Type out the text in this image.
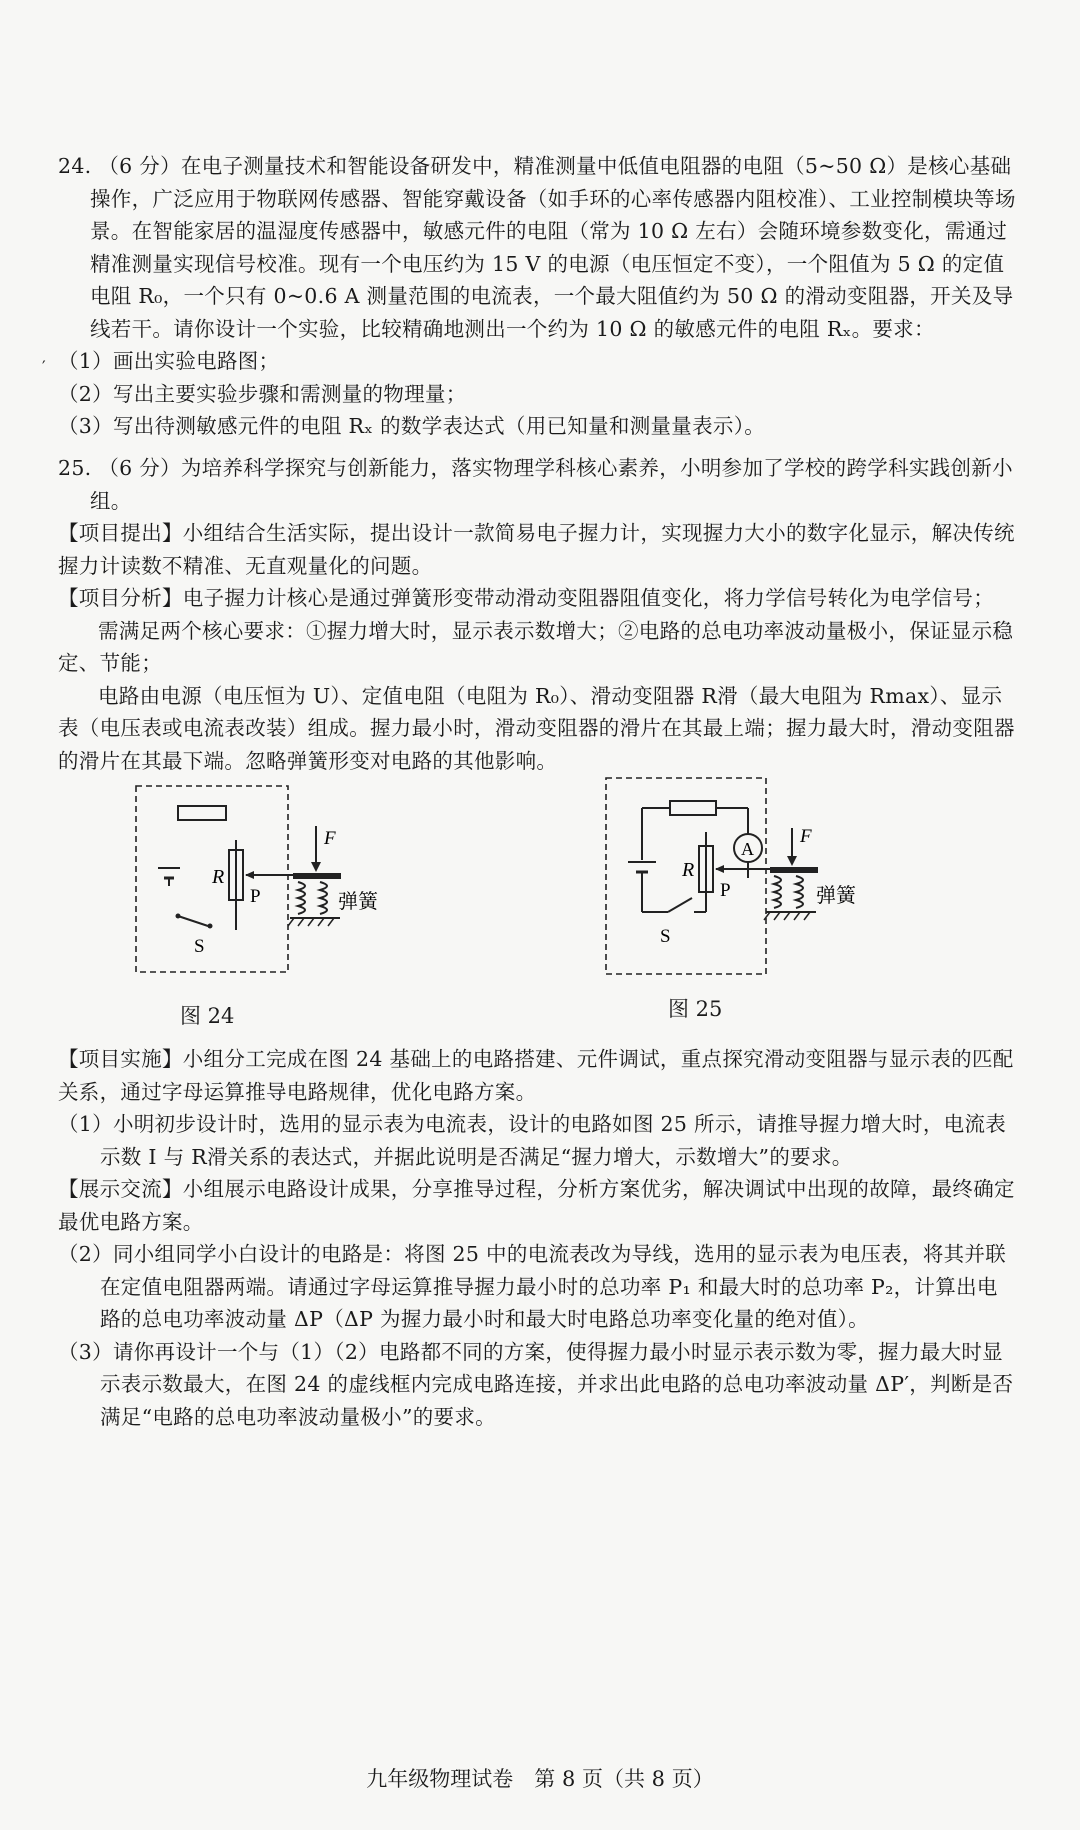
′

24. （6 分）在电子测量技术和智能设备研发中，精准测量中低值电阻器的电阻（5~50 Ω）是核心基础操作，广泛应用于物联网传感器、智能穿戴设备（如手环的心率传感器内阻校准）、工业控制模块等场景。在智能家居的温湿度传感器中，敏感元件的电阻（常为 10 Ω 左右）会随环境参数变化，需通过精准测量实现信号校准。现有一个电压约为 15 V 的电源（电压恒定不变），一个阻值为 5 Ω 的定值电阻 R₀，一个只有 0~0.6 A 测量范围的电流表，一个最大阻值约为 50 Ω 的滑动变阻器，开关及导线若干。请你设计一个实验，比较精确地测出一个约为 10 Ω 的敏感元件的电阻 Rₓ。要求：

（1）画出实验电路图；

（2）写出主要实验步骤和需测量的物理量；

（3）写出待测敏感元件的电阻 Rₓ 的数学表达式（用已知量和测量量表示）。

25. （6 分）为培养科学探究与创新能力，落实物理学科核心素养，小明参加了学校的跨学科实践创新小组。

【项目提出】小组结合生活实际，提出设计一款简易电子握力计，实现握力大小的数字化显示，解决传统握力计读数不精准、无直观量化的问题。

【项目分析】电子握力计核心是通过弹簧形变带动滑动变阻器阻值变化，将力学信号转化为电学信号；

需满足两个核心要求：①握力增大时，显示表示数增大；②电路的总电功率波动量极小，保证显示稳定、节能；

电路由电源（电压恒为 U）、定值电阻（电阻为 R₀）、滑动变阻器 R滑（最大电阻为 Rmax）、显示表（电压表或电流表改装）组成。握力最小时，滑动变阻器的滑片在其最上端；握力最大时，滑动变阻器的滑片在其最下端。忽略弹簧形变对电路的其他影响。

R
P
F
弹簧
S
图 24
A
R
P
F
弹簧
S
图 25

【项目实施】小组分工完成在图 24 基础上的电路搭建、元件调试，重点探究滑动变阻器与显示表的匹配关系，通过字母运算推导电路规律，优化电路方案。

（1）小明初步设计时，选用的显示表为电流表，设计的电路如图 25 所示，请推导握力增大时，电流表示数 I 与 R滑关系的表达式，并据此说明是否满足“握力增大，示数增大”的要求。

【展示交流】小组展示电路设计成果，分享推导过程，分析方案优劣，解决调试中出现的故障，最终确定最优电路方案。

（2）同小组同学小白设计的电路是：将图 25 中的电流表改为导线，选用的显示表为电压表，将其并联在定值电阻器两端。请通过字母运算推导握力最小时的总功率 P₁ 和最大时的总功率 P₂，计算出电路的总电功率波动量 ΔP（ΔP 为握力最小时和最大时电路总功率变化量的绝对值）。

（3）请你再设计一个与（1）（2）电路都不同的方案，使得握力最小时显示表示数为零，握力最大时显示表示数最大，在图 24 的虚线框内完成电路连接，并求出此电路的总电功率波动量 ΔP′，判断是否满足“电路的总电功率波动量极小”的要求。

九年级物理试卷　第 8 页（共 8 页）
